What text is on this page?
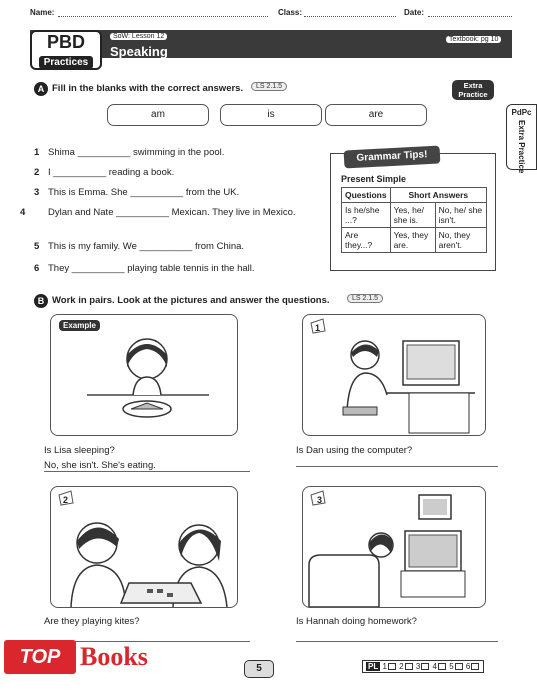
Name:	Class:	Date:
PBD
Practices
SoW: Lesson 12
Speaking
Textbook: pg 10
Extra
Practice
PdPc
Extra Practice
A Fill in the blanks with the correct answers.	LS 2.1.5
am	is	are
1 Shima __________ swimming in the pool.
2 I __________ reading a book.
3 This is Emma. She __________ from the UK.
4 Dylan and Nate __________ Mexican. They live in Mexico.
5 This is my family. We __________ from China.
6 They __________ playing table tennis in the hall.
Present Simple
Questions	Short Answers	
Is he/she ...?	Yes, he/ she is.	No, he/ she isn't.
Are they...?	Yes, they are.	No, they aren't.
Grammar Tips!
B Work in pairs. Look at the pictures and answer the questions.	LS 2.1.5
Example
Is Lisa sleeping?
No, she isn't. She's eating.
1
Is Dan using the computer?
2
Are they playing kites?
3
Is Hannah doing homework?
5	PL 1 2 3 4 5 6
TOP Books
